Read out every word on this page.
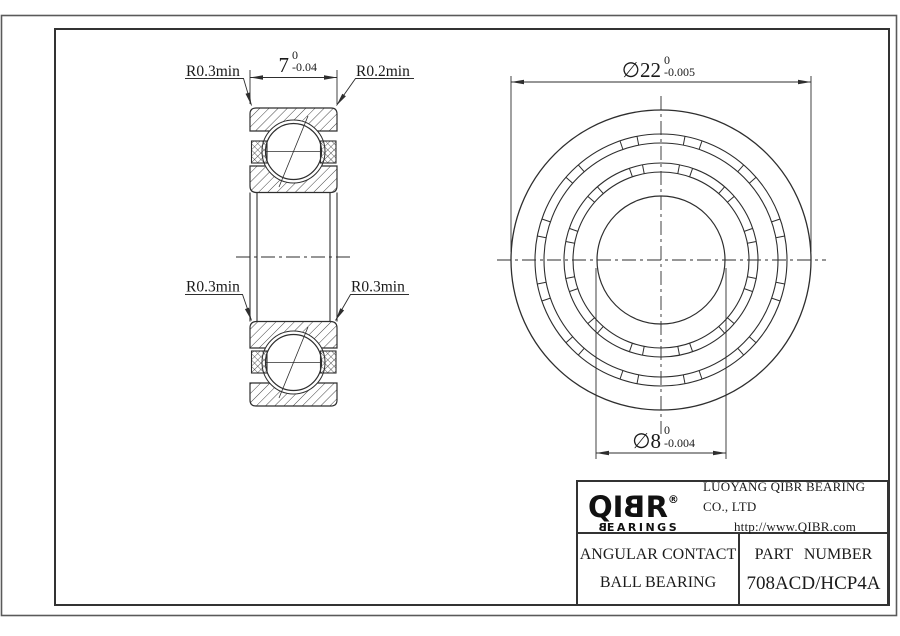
R0.3min	R0.2min
R0.3min	R0.3min
7 0
-0.04	∅22 0
-0.005
∅8 0
-0.004
QIBR®
BEARINGS
LUOYANG QIBR BEARING CO., LTD
http://www.QIBR.com
ANGULAR CONTACT
BALL BEARING
PART NUMBER
708ACD/HCP4A
